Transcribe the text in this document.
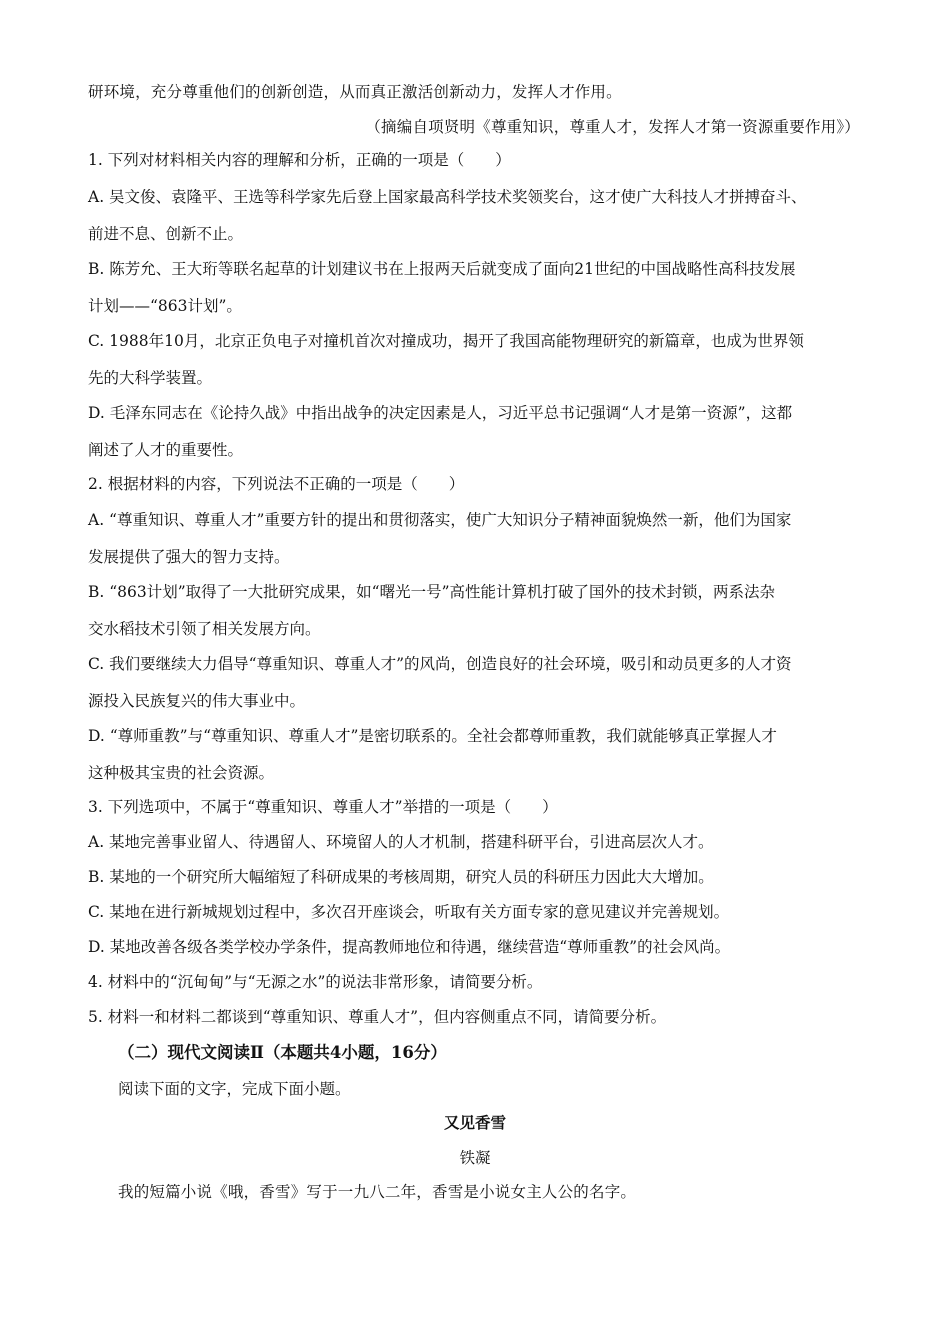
研环境，充分尊重他们的创新创造，从而真正激活创新动力，发挥人才作用。
（摘编自项贤明《尊重知识，尊重人才，发挥人才第一资源重要作用》）
1. 下列对材料相关内容的理解和分析，正确的一项是（　　）
A. 吴文俊、袁隆平、王选等科学家先后登上国家最高科学技术奖领奖台，这才使广大科技人才拼搏奋斗、
前进不息、创新不止。
B. 陈芳允、王大珩等联名起草的计划建议书在上报两天后就变成了面向21世纪的中国战略性高科技发展
计划——“863计划”。
C. 1988年10月，北京正负电子对撞机首次对撞成功，揭开了我国高能物理研究的新篇章，也成为世界领
先的大科学装置。
D. 毛泽东同志在《论持久战》中指出战争的决定因素是人，习近平总书记强调“人才是第一资源”，这都
阐述了人才的重要性。
2. 根据材料的内容，下列说法不正确的一项是（　　）
A. “尊重知识、尊重人才”重要方针的提出和贯彻落实，使广大知识分子精神面貌焕然一新，他们为国家
发展提供了强大的智力支持。
B. “863计划”取得了一大批研究成果，如“曙光一号”高性能计算机打破了国外的技术封锁，两系法杂
交水稻技术引领了相关发展方向。
C. 我们要继续大力倡导“尊重知识、尊重人才”的风尚，创造良好的社会环境，吸引和动员更多的人才资
源投入民族复兴的伟大事业中。
D. “尊师重教”与“尊重知识、尊重人才”是密切联系的。全社会都尊师重教，我们就能够真正掌握人才
这种极其宝贵的社会资源。
3. 下列选项中，不属于“尊重知识、尊重人才”举措的一项是（　　）
A. 某地完善事业留人、待遇留人、环境留人的人才机制，搭建科研平台，引进高层次人才。
B. 某地的一个研究所大幅缩短了科研成果的考核周期，研究人员的科研压力因此大大增加。
C. 某地在进行新城规划过程中，多次召开座谈会，听取有关方面专家的意见建议并完善规划。
D. 某地改善各级各类学校办学条件，提高教师地位和待遇，继续营造“尊师重教”的社会风尚。
4. 材料中的“沉甸甸”与“无源之水”的说法非常形象，请简要分析。
5. 材料一和材料二都谈到“尊重知识、尊重人才”，但内容侧重点不同，请简要分析。
（二）现代文阅读Ⅱ（本题共4小题，16分）
阅读下面的文字，完成下面小题。
又见香雪
铁凝
我的短篇小说《哦，香雪》写于一九八二年，香雪是小说女主人公的名字。
